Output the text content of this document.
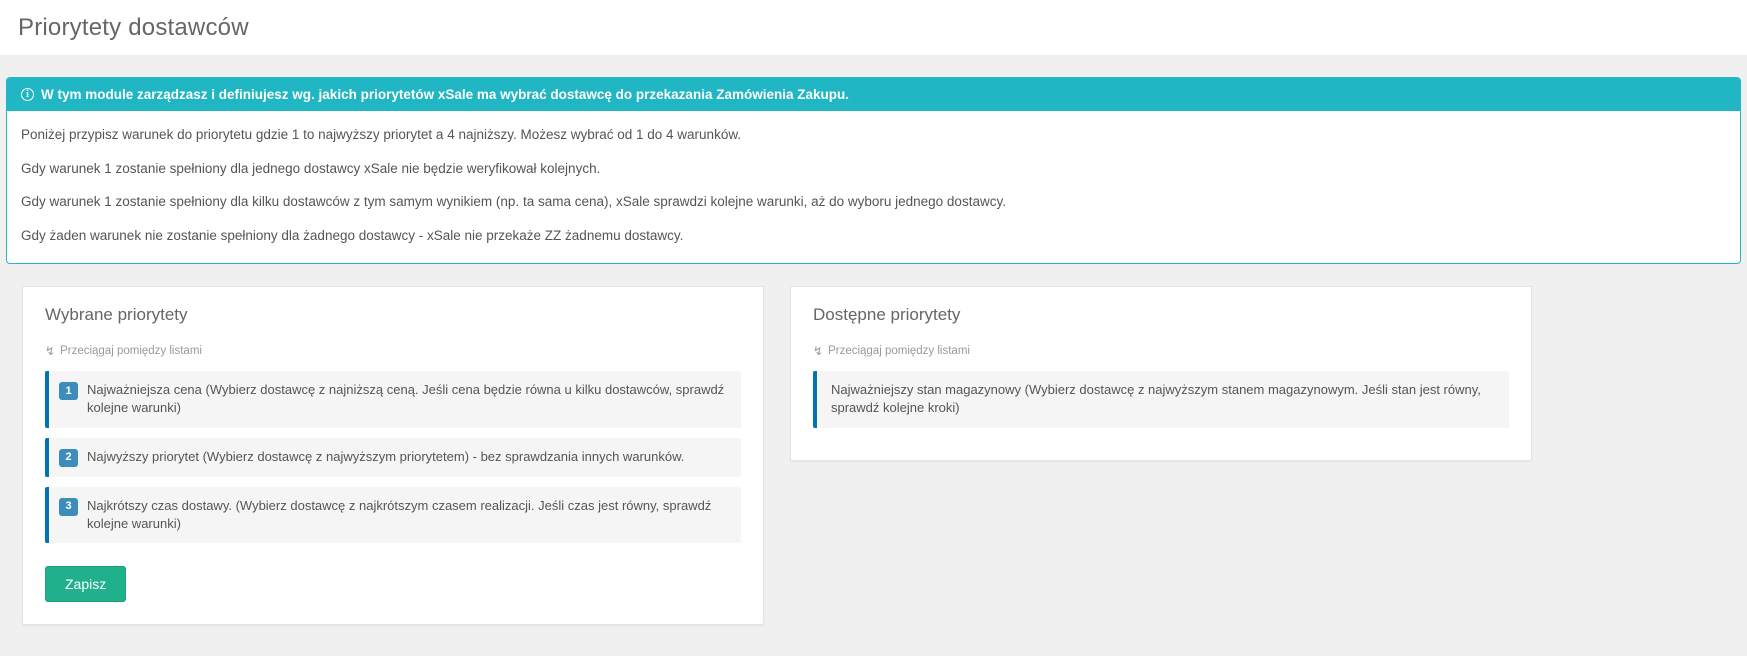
Priorytety dostawców
i W tym module zarządzasz i definiujesz wg. jakich priorytetów xSale ma wybrać dostawcę do przekazania Zamówienia Zakupu.

Poniżej przypisz warunek do priorytetu gdzie 1 to najwyższy priorytet a 4 najniższy. Możesz wybrać od 1 do 4 warunków.

Gdy warunek 1 zostanie spełniony dla jednego dostawcy xSale nie będzie weryfikował kolejnych.

Gdy warunek 1 zostanie spełniony dla kilku dostawców z tym samym wynikiem (np. ta sama cena), xSale sprawdzi kolejne warunki, aż do wyboru jednego dostawcy.

Gdy żaden warunek nie zostanie spełniony dla żadnego dostawcy - xSale nie przekaże ZZ żadnemu dostawcy.

Wybrane priorytety
↯ Przeciągaj pomiędzy listami
1	Najważniejsza cena (Wybierz dostawcę z najniższą ceną. Jeśli cena będzie równa u kilku dostawców, sprawdź kolejne warunki)
2	Najwyższy priorytet (Wybierz dostawcę z najwyższym priorytetem) - bez sprawdzania innych warunków.
3	Najkrótszy czas dostawy. (Wybierz dostawcę z najkrótszym czasem realizacji. Jeśli czas jest równy, sprawdź kolejne warunki)
Zapisz
Dostępne priorytety
↯ Przeciągaj pomiędzy listami
Najważniejszy stan magazynowy (Wybierz dostawcę z najwyższym stanem magazynowym. Jeśli stan jest równy, sprawdź kolejne kroki)
